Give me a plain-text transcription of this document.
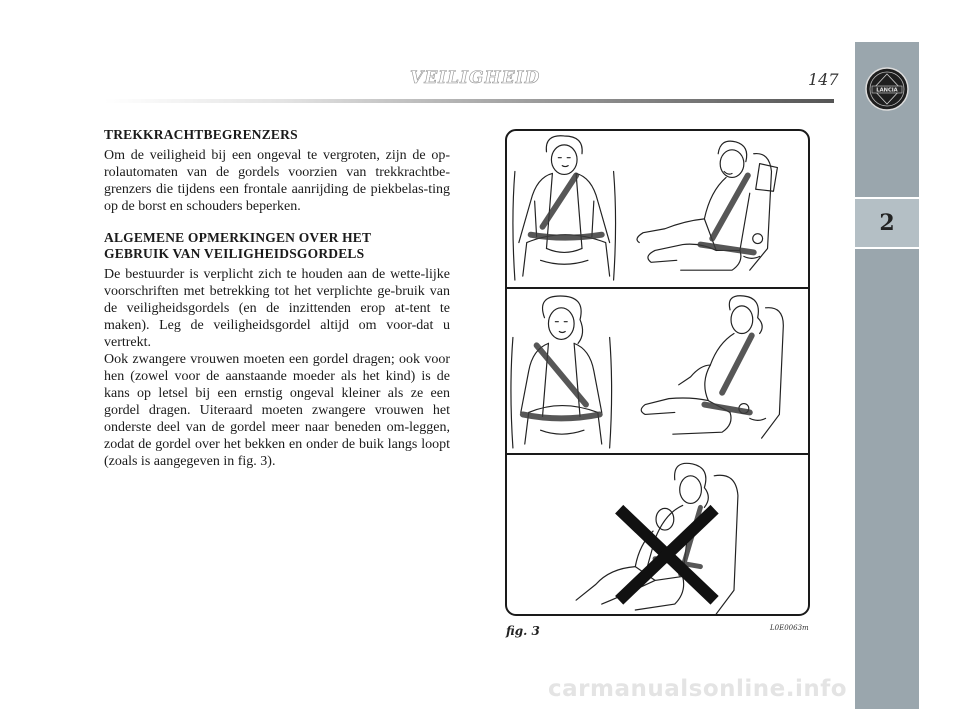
VEILIGHEID	147
LANCIA
2
TREKKRACHTBEGRENZERS

Om de veiligheid bij een ongeval te vergroten, zijn de op-rolautomaten van de gordels voorzien van trekkrachtbe-grenzers die tijdens een frontale aanrijding de piekbelas-ting op de borst en schouders beperken.

ALGEMENE OPMERKINGEN OVER HET
GEBRUIK VAN VEILIGHEIDSGORDELS

De bestuurder is verplicht zich te houden aan de wette-lijke voorschriften met betrekking tot het verplichte ge-bruik van de veiligheidsgordels (en de inzittenden erop at-tent te maken). Leg de veiligheidsgordel altijd om voor-dat u vertrekt.

Ook zwangere vrouwen moeten een gordel dragen; ook voor hen (zowel voor de aanstaande moeder als het kind) is de kans op letsel bij een ernstig ongeval kleiner als ze een gordel dragen. Uiteraard moeten zwangere vrouwen het onderste deel van de gordel meer naar beneden om-leggen, zodat de gordel over het bekken en onder de buik langs loopt (zoals is aangegeven in fig. 3).

fig. 3	L0E0063m
carmanualsonline.info
